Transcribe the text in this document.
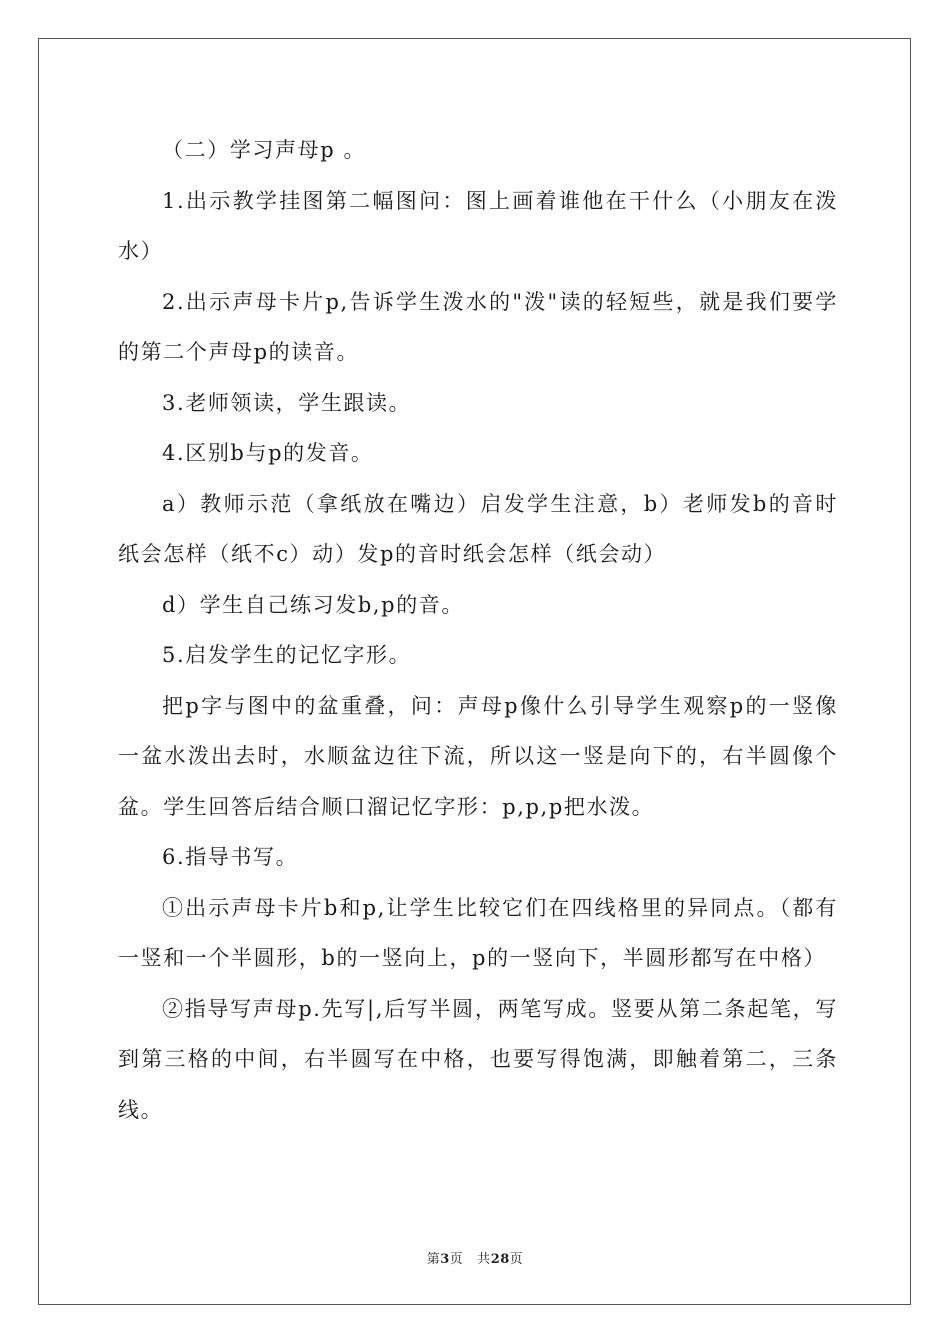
（二）学习声母p 。

1.出示教学挂图第二幅图问：图上画着谁他在干什么（小朋友在泼水）

2.出示声母卡片p,告诉学生泼水的"泼"读的轻短些，就是我们要学的第二个声母p的读音。

3.老师领读，学生跟读。

4.区别b与p的发音。

a）教师示范（拿纸放在嘴边）启发学生注意，b）老师发b的音时纸会怎样（纸不c）动）发p的音时纸会怎样（纸会动）

d）学生自己练习发b,p的音。

5.启发学生的记忆字形。

把p字与图中的盆重叠，问：声母p像什么引导学生观察p的一竖像一盆水泼出去时，水顺盆边往下流，所以这一竖是向下的，右半圆像个盆。学生回答后结合顺口溜记忆字形：p,p,p把水泼。

6.指导书写。

①出示声母卡片b和p,让学生比较它们在四线格里的异同点。（都有一竖和一个半圆形，b的一竖向上，p的一竖向下，半圆形都写在中格）

②指导写声母p.先写|,后写半圆，两笔写成。竖要从第二条起笔，写到第三格的中间，右半圆写在中格，也要写得饱满，即触着第二，三条线。

第3页 共28页
